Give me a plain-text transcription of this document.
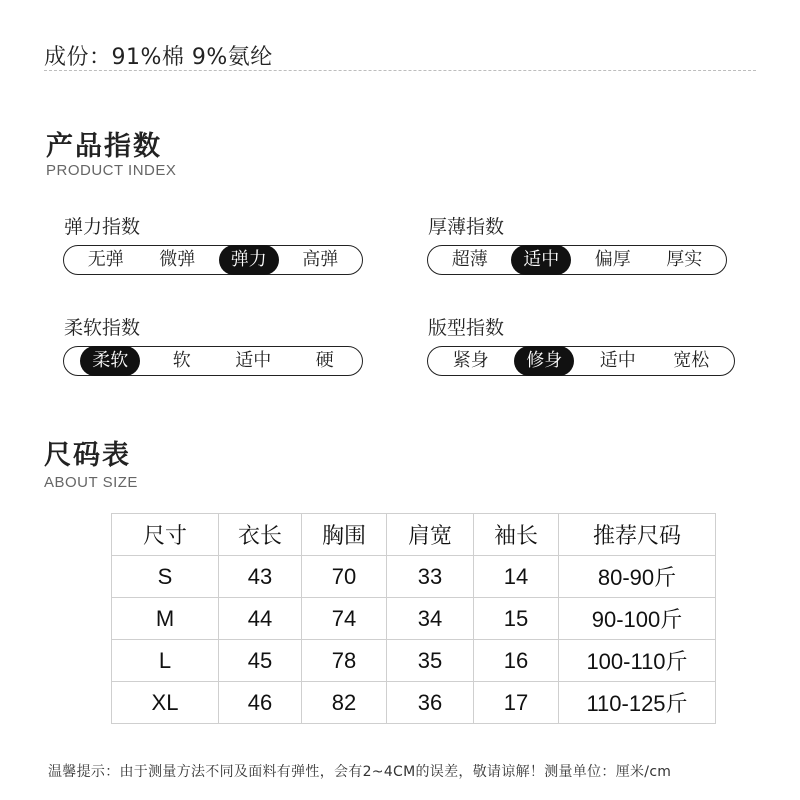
成份：91%棉 9%氨纶
产品指数
PRODUCT INDEX
弹力指数
无弹	微弹	弹力	高弹
厚薄指数
超薄	适中	偏厚	厚实
柔软指数
柔软	软	适中	硬
版型指数
紧身	修身	适中	宽松
尺码表
ABOUT SIZE
尺寸	衣长	胸围	肩宽	袖长	推荐尺码
S	43	70	33	14	80-90斤
M	44	74	34	15	90-100斤
L	45	78	35	16	100-110斤
XL	46	82	36	17	110-125斤
温馨提示：由于测量方法不同及面料有弹性，会有2~4CM的误差，敬请谅解！测量单位：厘米/cm
